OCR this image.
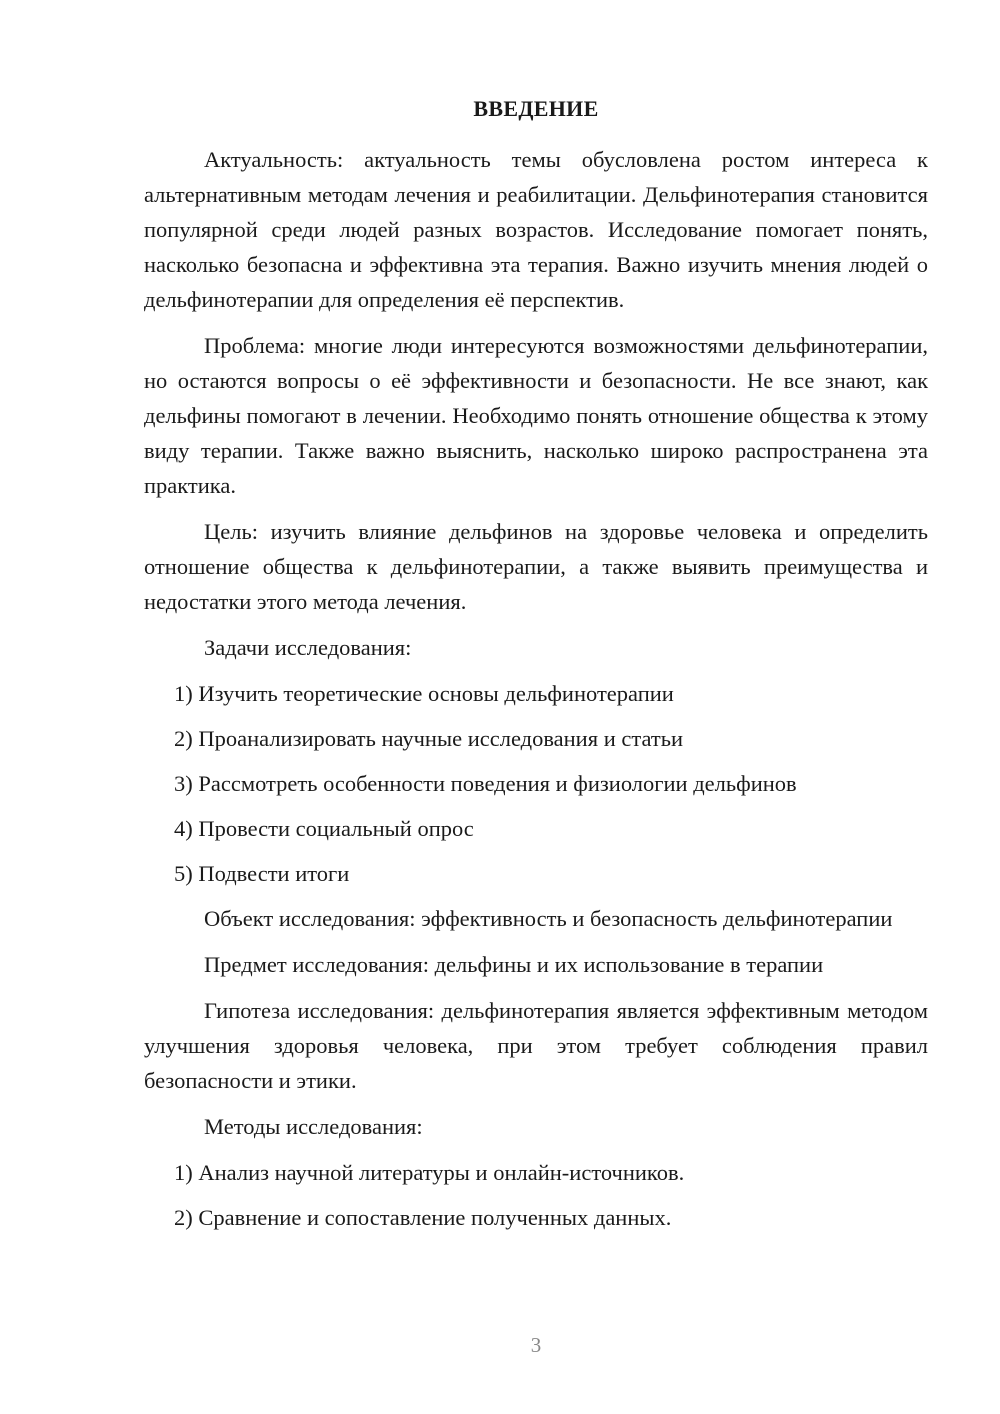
ВВЕДЕНИЕ

Актуальность: актуальность темы обусловлена ростом интереса к альтернативным методам лечения и реабилитации. Дельфинотерапия становится популярной среди людей разных возрастов. Исследование помогает понять, насколько безопасна и эффективна эта терапия. Важно изучить мнения людей о дельфинотерапии для определения её перспектив.

Проблема: многие люди интересуются возможностями дельфинотерапии, но остаются вопросы о её эффективности и безопасности. Не все знают, как дельфины помогают в лечении. Необходимо понять отношение общества к этому виду терапии. Также важно выяснить, насколько широко распространена эта практика.

Цель: изучить влияние дельфинов на здоровье человека и определить отношение общества к дельфинотерапии, а также выявить преимущества и недостатки этого метода лечения.

Задачи исследования:

1) Изучить теоретические основы дельфинотерапии
2) Проанализировать научные исследования и статьи
3) Рассмотреть особенности поведения и физиологии дельфинов
4) Провести социальный опрос
5) Подвести итоги

Объект исследования: эффективность и безопасность дельфинотерапии

Предмет исследования: дельфины и их использование в терапии

Гипотеза исследования: дельфинотерапия является эффективным методом улучшения здоровья человека, при этом требует соблюдения правил безопасности и этики.

Методы исследования:

1) Анализ научной литературы и онлайн-источников.
2) Сравнение и сопоставление полученных данных.
3
